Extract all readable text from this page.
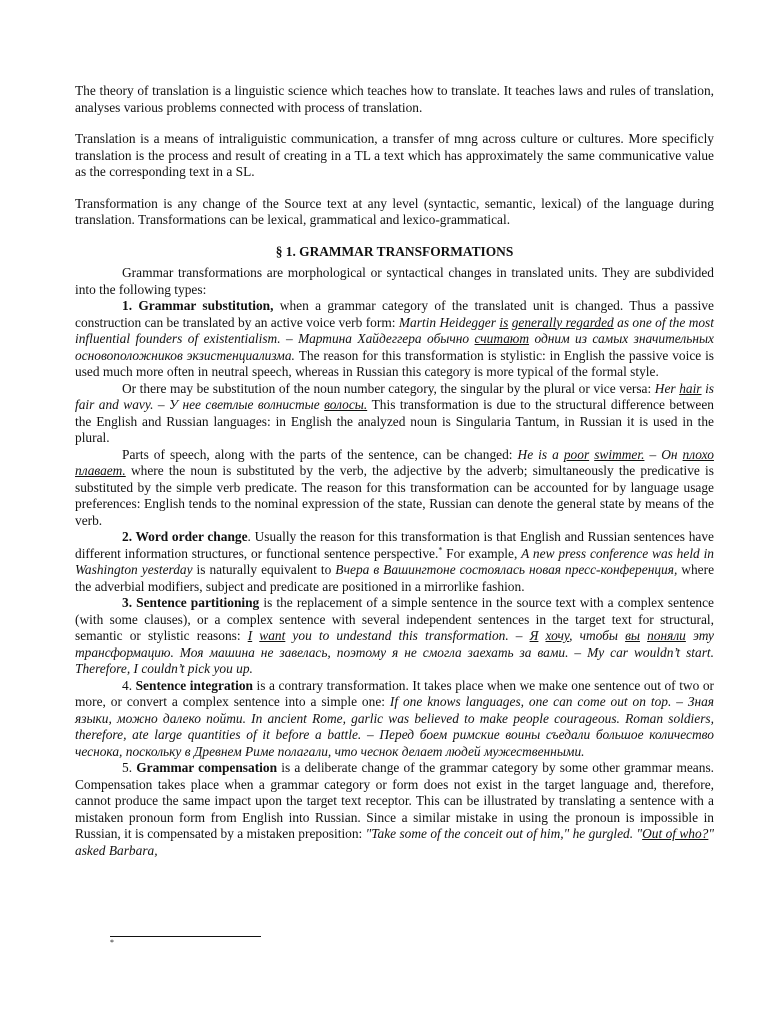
The theory of translation is a linguistic science which teaches how to translate. It teaches laws and rules of translation, analyses various problems connected with process of translation.

Translation is a means of intraliguistic communication, a transfer of mng across culture or cultures. More specificly translation is the process and result of creating in a TL a text which has approximately the same communicative value as the corresponding text in a SL.

Transformation is any change of the Source text at any level (syntactic, semantic, lexical) of the language during translation. Transformations can be lexical, grammatical and lexico-grammatical.

§ 1. GRAMMAR TRANSFORMATIONS

Grammar transformations are morphological or syntactical changes in translated units. They are subdivided into the following types:

1. Grammar substitution, when a grammar category of the translated unit is changed. Thus a passive construction can be translated by an active voice verb form: Martin Heidegger is generally regarded as one of the most influential founders of existentialism. – Мартина Хайдеггера обычно считают одним из самых значительных основоположников экзистенциализма. The reason for this transformation is stylistic: in English the passive voice is used much more often in neutral speech, whereas in Russian this category is more typical of the formal style.

Or there may be substitution of the noun number category, the singular by the plural or vice versa: Her hair is fair and wavy. – У нее светлые волнистые волосы. This transformation is due to the structural difference between the English and Russian languages: in English the analyzed noun is Singularia Tantum, in Russian it is used in the plural.

Parts of speech, along with the parts of the sentence, can be changed: He is a poor swimmer. – Он плохо плавает. where the noun is substituted by the verb, the adjective by the adverb; simultaneously the predicative is substituted by the simple verb predicate. The reason for this transformation can be accounted for by language usage preferences: English tends to the nominal expression of the state, Russian can denote the general state by means of the verb.

2. Word order change. Usually the reason for this transformation is that English and Russian sentences have different information structures, or functional sentence perspective.* For example, A new press conference was held in Washington yesterday is naturally equivalent to Вчера в Вашингтоне состоялась новая пресс-конференция, where the adverbial modifiers, subject and predicate are positioned in a mirrorlike fashion.

3. Sentence partitioning is the replacement of a simple sentence in the source text with a complex sentence (with some clauses), or a complex sentence with several independent sentences in the target text for structural, semantic or stylistic reasons: I want you to undestand this transformation. – Я хочу, чтобы вы поняли эту трансформацию. Моя машина не завелась, поэтому я не смогла заехать за вами. – My car wouldn’t start. Therefore, I couldn’t pick you up.

4. Sentence integration is a contrary transformation. It takes place when we make one sentence out of two or more, or convert a complex sentence into a simple one: If one knows languages, one can come out on top. – Зная языки, можно далеко пойти. In ancient Rome, garlic was believed to make people courageous. Roman soldiers, therefore, ate large quantities of it before a battle. – Перед боем римские воины съедали большое количество чеснока, поскольку в Древнем Риме полагали, что чеснок делает людей мужественными.

5. Grammar compensation is a deliberate change of the grammar category by some other grammar means. Compensation takes place when a grammar category or form does not exist in the target language and, therefore, cannot produce the same impact upon the target text receptor. This can be illustrated by translating a sentence with a mistaken pronoun form from English into Russian. Since a similar mistake in using the pronoun is impossible in Russian, it is compensated by a mistaken preposition: "Take some of the conceit out of him," he gurgled. "Out of who?" asked Barbara,

*
